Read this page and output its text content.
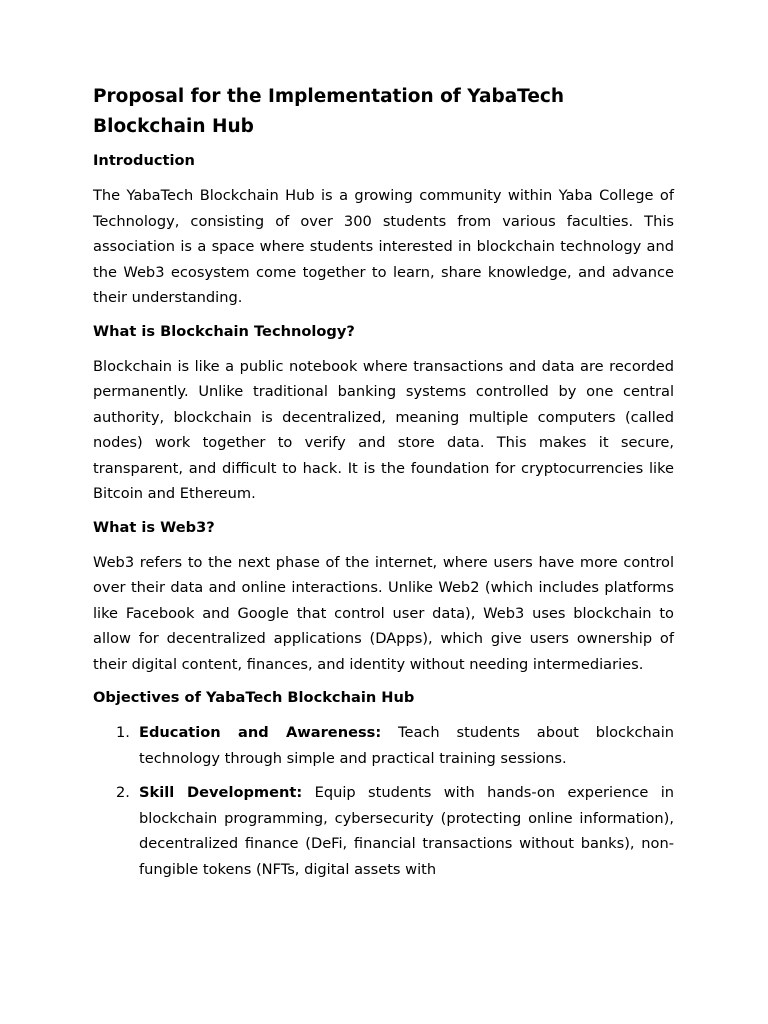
Proposal for the Implementation of YabaTech Blockchain Hub
Introduction

The YabaTech Blockchain Hub is a growing community within Yaba College of Technology, consisting of over 300 students from various faculties. This association is a space where students interested in blockchain technology and the Web3 ecosystem come together to learn, share knowledge, and advance their understanding.

What is Blockchain Technology?

Blockchain is like a public notebook where transactions and data are recorded permanently. Unlike traditional banking systems controlled by one central authority, blockchain is decentralized, meaning multiple computers (called nodes) work together to verify and store data. This makes it secure, transparent, and difficult to hack. It is the foundation for cryptocurrencies like Bitcoin and Ethereum.

What is Web3?

Web3 refers to the next phase of the internet, where users have more control over their data and online interactions. Unlike Web2 (which includes platforms like Facebook and Google that control user data), Web3 uses blockchain to allow for decentralized applications (DApps), which give users ownership of their digital content, finances, and identity without needing intermediaries.

Objectives of YabaTech Blockchain Hub
1. Education and Awareness: Teach students about blockchain technology through simple and practical training sessions.
2. Skill Development: Equip students with hands-on experience in blockchain programming, cybersecurity (protecting online information), decentralized finance (DeFi, financial transactions without banks), non-fungible tokens (NFTs, digital assets with
